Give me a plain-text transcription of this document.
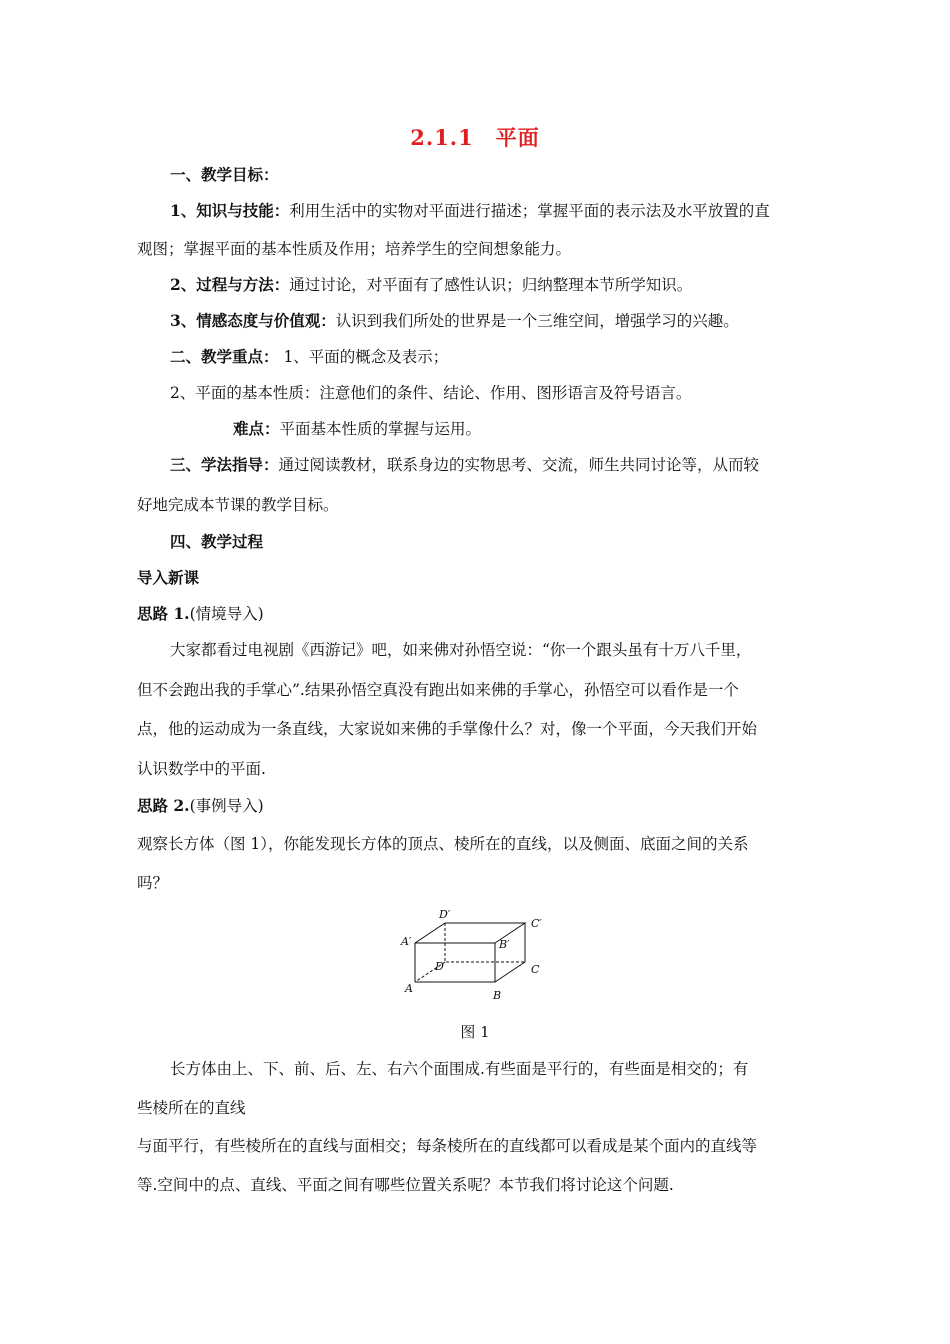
2.1.1　平面
一、教学目标：
1、知识与技能：利用生活中的实物对平面进行描述；掌握平面的表示法及水平放置的直
观图；掌握平面的基本性质及作用；培养学生的空间想象能力。
2、过程与方法：通过讨论，对平面有了感性认识；归纳整理本节所学知识。
3、情感态度与价值观：认识到我们所处的世界是一个三维空间，增强学习的兴趣。
二、教学重点： 1、平面的概念及表示；
2、平面的基本性质：注意他们的条件、结论、作用、图形语言及符号语言。
难点：平面基本性质的掌握与运用。
三、学法指导：通过阅读教材，联系身边的实物思考、交流，师生共同讨论等，从而较
好地完成本节课的教学目标。
四、教学过程
导入新课
思路 1.(情境导入)
大家都看过电视剧《西游记》吧，如来佛对孙悟空说：“你一个跟头虽有十万八千里，
但不会跑出我的手掌心”.结果孙悟空真没有跑出如来佛的手掌心，孙悟空可以看作是一个
点，他的运动成为一条直线，大家说如来佛的手掌像什么？对，像一个平面，今天我们开始
认识数学中的平面.
思路 2.(事例导入)
观察长方体（图 1），你能发现长方体的顶点、棱所在的直线，以及侧面、底面之间的关系
吗？
A
B
C
D
A′	B′
C′
D′
图 1
长方体由上、下、前、后、左、右六个面围成.有些面是平行的，有些面是相交的；有
些棱所在的直线
与面平行，有些棱所在的直线与面相交；每条棱所在的直线都可以看成是某个面内的直线等
等.空间中的点、直线、平面之间有哪些位置关系呢？本节我们将讨论这个问题.
